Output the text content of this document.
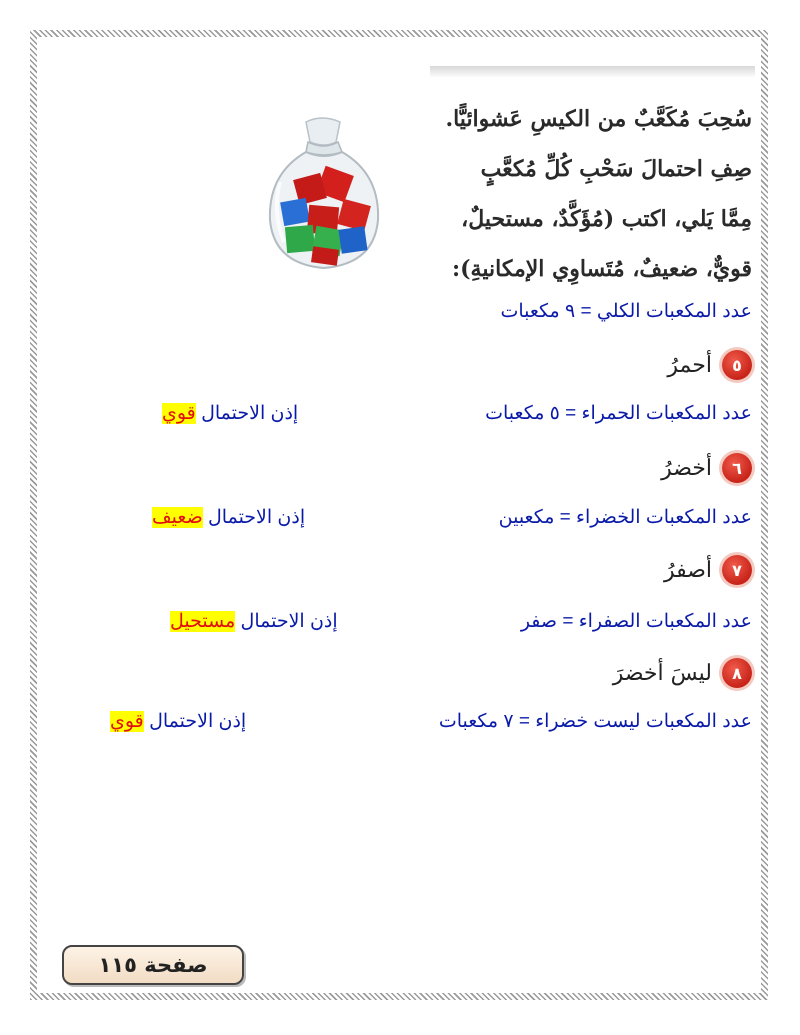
سُحِبَ مُكَعَّبٌ من الكيسِ عَشوائيًّا.
صِفِ احتمالَ سَحْبِ كُلِّ مُكعَّبٍ
مِمَّا يَلي، اكتب (مُؤَكَّدٌ، مستحيلٌ،
قويٌّ، ضعيفٌ، مُتَساوِي الإمكانيةِ):
عدد المكعبات الكلي = ٩ مكعبات
٥
أحمرُ
عدد المكعبات الحمراء = ٥ مكعبات
إذن الاحتمال قوي
٦
أخضرُ
عدد المكعبات الخضراء = مكعبين
إذن الاحتمال ضعيف
٧
أصفرُ
عدد المكعبات الصفراء = صفر
إذن الاحتمال مستحيل
٨
ليسَ أخضرَ
عدد المكعبات ليست خضراء = ٧ مكعبات
إذن الاحتمال قوي
صفحة ١١٥
